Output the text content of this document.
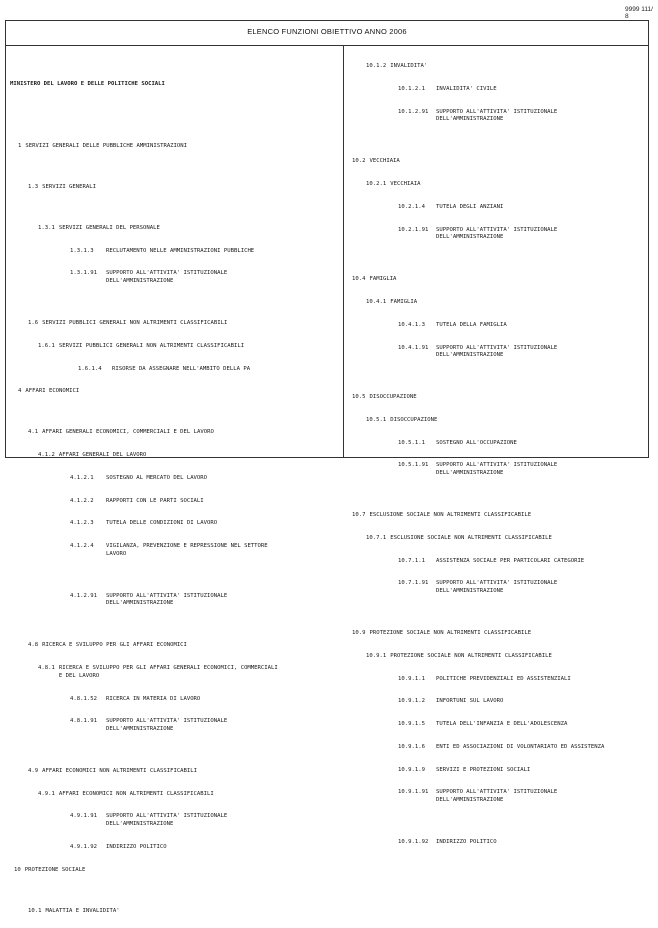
9999 111/ 8
ELENCO FUNZIONI OBIETTIVO ANNO 2006

MINISTERO DEL LAVORO E DELLE POLITICHE SOCIALI

1 SERVIZI GENERALI DELLE PUBBLICHE AMMINISTRAZIONI

1.3 SERVIZI GENERALI

1.3.1 SERVIZI GENERALI DEL PERSONALE

1.3.1.3	RECLUTAMENTO NELLE AMMINISTRAZIONI PUBBLICHE

1.3.1.91	SUPPORTO ALL'ATTIVITA' ISTITUZIONALE DELL'AMMINISTRAZIONE

1.6 SERVIZI PUBBLICI GENERALI NON ALTRIMENTI CLASSIFICABILI

1.6.1 SERVIZI PUBBLICI GENERALI NON ALTRIMENTI CLASSIFICABILI

1.6.1.4	RISORSE DA ASSEGNARE NELL'AMBITO DELLA PA

4 AFFARI ECONOMICI

4.1 AFFARI GENERALI ECONOMICI, COMMERCIALI E DEL LAVORO

4.1.2 AFFARI GENERALI DEL LAVORO

4.1.2.1	SOSTEGNO AL MERCATO DEL LAVORO

4.1.2.2	RAPPORTI CON LE PARTI SOCIALI

4.1.2.3	TUTELA DELLE CONDIZIONI DI LAVORO

4.1.2.4	VIGILANZA, PREVENZIONE E REPRESSIONE NEL SETTORE LAVORO

4.1.2.91	SUPPORTO ALL'ATTIVITA' ISTITUZIONALE DELL'AMMINISTRAZIONE

4.8 RICERCA E SVILUPPO PER GLI AFFARI ECONOMICI

4.8.1 RICERCA E SVILUPPO PER GLI AFFARI GENERALI ECONOMICI, COMMERCIALI E DEL LAVORO

4.8.1.52	RICERCA IN MATERIA DI LAVORO

4.8.1.91	SUPPORTO ALL'ATTIVITA' ISTITUZIONALE DELL'AMMINISTRAZIONE

4.9 AFFARI ECONOMICI NON ALTRIMENTI CLASSIFICABILI

4.9.1 AFFARI ECONOMICI NON ALTRIMENTI CLASSIFICABILI

4.9.1.91	SUPPORTO ALL'ATTIVITA' ISTITUZIONALE DELL'AMMINISTRAZIONE

4.9.1.92	INDIRIZZO POLITICO

10 PROTEZIONE SOCIALE

10.1 MALATTIA E INVALIDITA'

10.1.2 INVALIDITA'

10.1.2.1	INVALIDITA' CIVILE

10.1.2.91	SUPPORTO ALL'ATTIVITA' ISTITUZIONALE DELL'AMMINISTRAZIONE

10.2 VECCHIAIA

10.2.1 VECCHIAIA

10.2.1.4	TUTELA DEGLI ANZIANI

10.2.1.91	SUPPORTO ALL'ATTIVITA' ISTITUZIONALE DELL'AMMINISTRAZIONE

10.4 FAMIGLIA

10.4.1 FAMIGLIA

10.4.1.3	TUTELA DELLA FAMIGLIA

10.4.1.91	SUPPORTO ALL'ATTIVITA' ISTITUZIONALE DELL'AMMINISTRAZIONE

10.5 DISOCCUPAZIONE

10.5.1 DISOCCUPAZIONE

10.5.1.1	SOSTEGNO ALL'OCCUPAZIONE

10.5.1.91	SUPPORTO ALL'ATTIVITA' ISTITUZIONALE DELL'AMMINISTRAZIONE

10.7 ESCLUSIONE SOCIALE NON ALTRIMENTI CLASSIFICABILE

10.7.1 ESCLUSIONE SOCIALE NON ALTRIMENTI CLASSIFICABILE

10.7.1.1	ASSISTENZA SOCIALE PER PARTICOLARI CATEGORIE

10.7.1.91	SUPPORTO ALL'ATTIVITA' ISTITUZIONALE DELL'AMMINISTRAZIONE

10.9 PROTEZIONE SOCIALE NON ALTRIMENTI CLASSIFICABILE

10.9.1 PROTEZIONE SOCIALE NON ALTRIMENTI CLASSIFICABILE

10.9.1.1	POLITICHE PREVIDENZIALI ED ASSISTENZIALI

10.9.1.2	INFORTUNI SUL LAVORO

10.9.1.5	TUTELA DELL'INFANZIA E DELL'ADOLESCENZA

10.9.1.6	ENTI ED ASSOCIAZIONI DI VOLONTARIATO ED ASSISTENZA

10.9.1.9	SERVIZI E PROTEZIONI SOCIALI

10.9.1.91	SUPPORTO ALL'ATTIVITA' ISTITUZIONALE DELL'AMMINISTRAZIONE

10.9.1.92	INDIRIZZO POLITICO
